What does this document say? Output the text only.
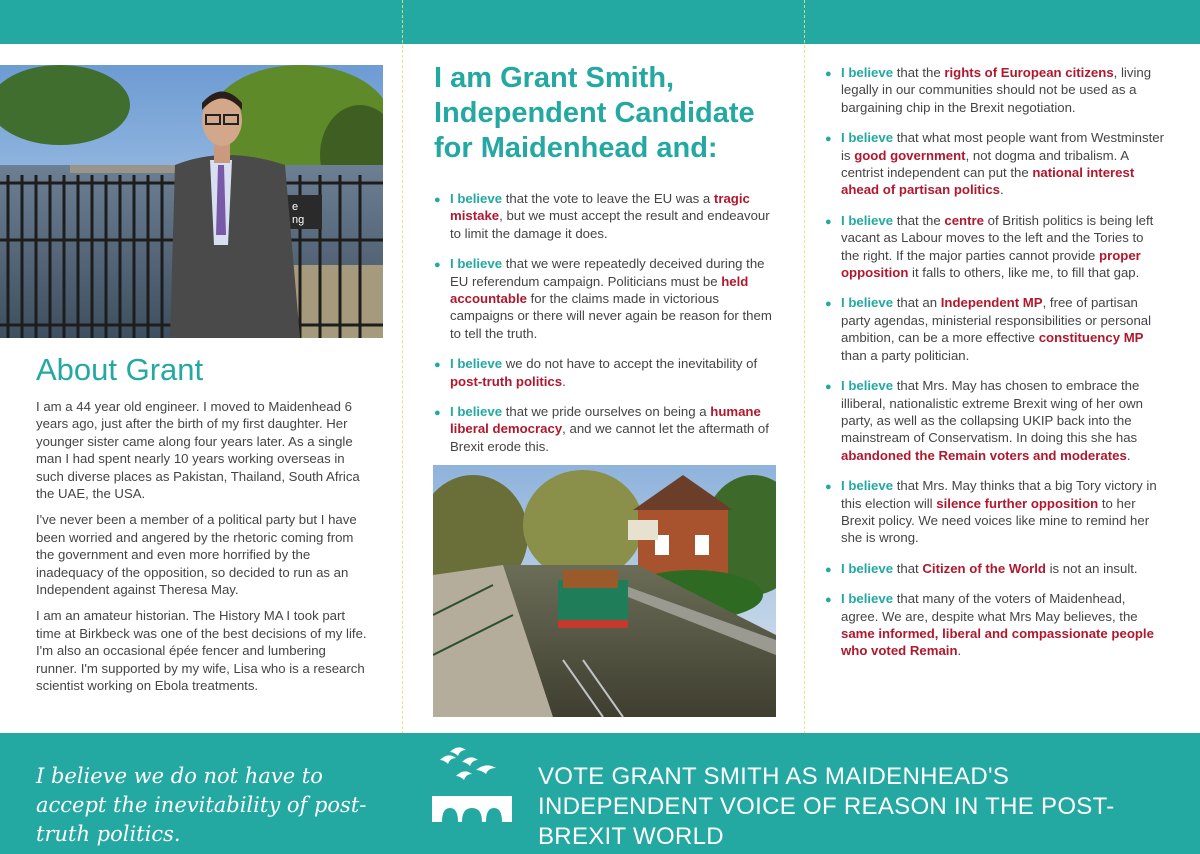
e
ng
About Grant

I am a 44 year old engineer. I moved to Maidenhead 6 years ago, just after the birth of my first daughter. Her younger sister came along four years later. As a single man I had spent nearly 10 years working overseas in such diverse places as Pakistan, Thailand, South Africa the UAE, the USA.

I've never been a member of a political party but I have been worried and angered by the rhetoric coming from the government and even more horrified by the inadequacy of the opposition, so decided to run as an Independent against Theresa May.

I am an amateur historian. The History MA I took part time at Birkbeck was one of the best decisions of my life. I'm also an occasional épée fencer and lumbering runner. I'm supported by my wife, Lisa who is a research scientist working on Ebola treatments.

I am Grant Smith, Independent Candidate for Maidenhead and:
● I believe that the vote to leave the EU was a tragic mistake, but we must accept the result and endeavour to limit the damage it does.
● I believe that we were repeatedly deceived during the EU referendum campaign. Politicians must be held accountable for the claims made in victorious campaigns or there will never again be reason for them to tell the truth.
● I believe we do not have to accept the inevitability of post-truth politics.
● I believe that we pride ourselves on being a humane liberal democracy, and we cannot let the aftermath of Brexit erode this.
● I believe that the rights of European citizens, living legally in our communities should not be used as a bargaining chip in the Brexit negotiation.
● I believe that what most people want from Westminster is good government, not dogma and tribalism. A centrist independent can put the national interest ahead of partisan politics.
● I believe that the centre of British politics is being left vacant as Labour moves to the left and the Tories to the right. If the major parties cannot provide proper opposition it falls to others, like me, to fill that gap.
● I believe that an Independent MP, free of partisan party agendas, ministerial responsibilities or personal ambition, can be a more effective constituency MP than a party politician.
● I believe that Mrs. May has chosen to embrace the illiberal, nationalistic extreme Brexit wing of her own party, as well as the collapsing UKIP back into the mainstream of Conservatism. In doing this she has abandoned the Remain voters and moderates.
● I believe that Mrs. May thinks that a big Tory victory in this election will silence further opposition to her Brexit policy. We need voices like mine to remind her she is wrong.
● I believe that Citizen of the World is not an insult.
● I believe that many of the voters of Maidenhead, agree. We are, despite what Mrs May believes, the same informed, liberal and compassionate people who voted Remain.
I believe we do not have to accept the inevitability of post-truth politics.
VOTE GRANT SMITH AS MAIDENHEAD'S INDEPENDENT VOICE OF REASON IN THE POST-BREXIT WORLD
